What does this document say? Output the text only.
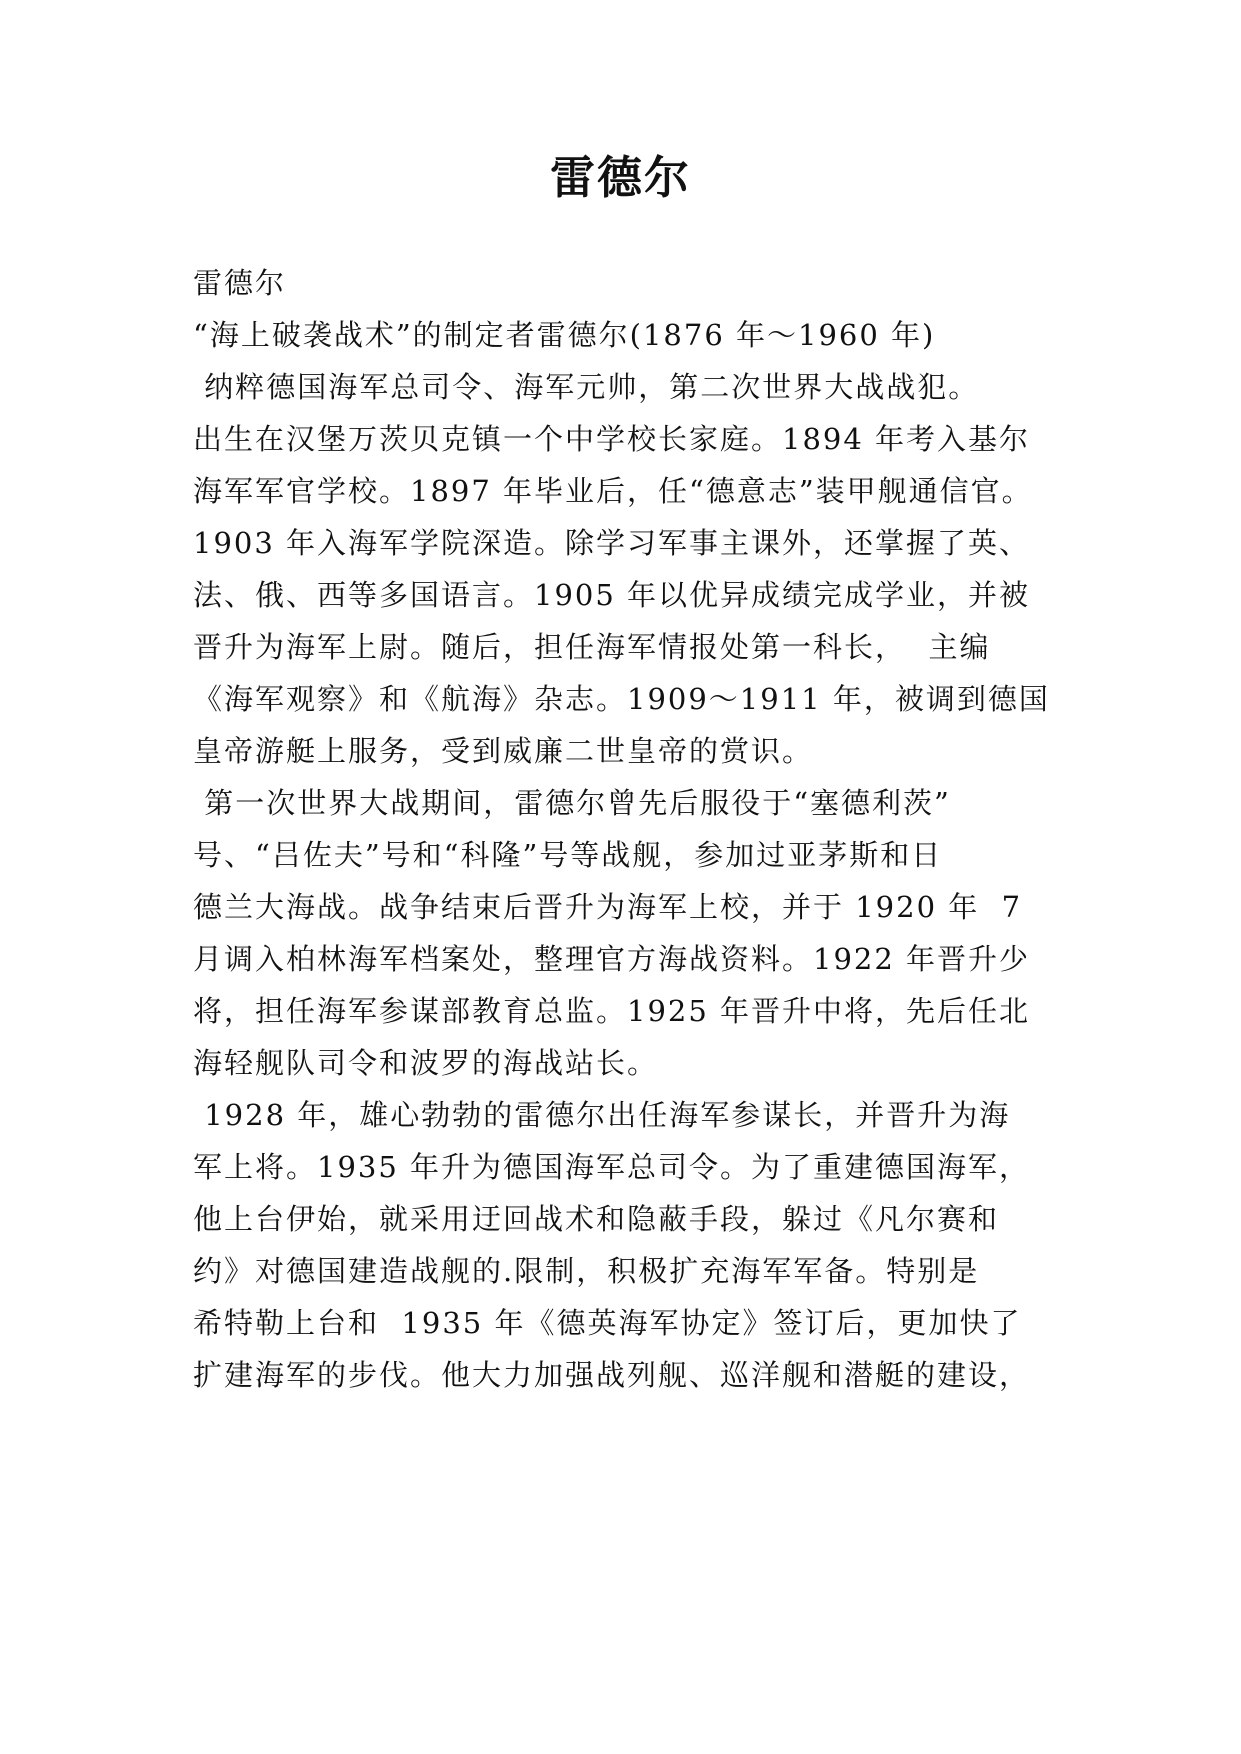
雷德尔

雷德尔

“海上破袭战术”的制定者雷德尔(1876 年～1960 年)

纳粹德国海军总司令、海军元帅，第二次世界大战战犯。

出生在汉堡万茨贝克镇一个中学校长家庭。1894 年考入基尔

海军军官学校。1897 年毕业后，任“德意志”装甲舰通信官。

1903 年入海军学院深造。除学习军事主课外，还掌握了英、

法、俄、西等多国语言。1905 年以优异成绩完成学业，并被

晋升为海军上尉。随后，担任海军情报处第一科长，  主编

《海军观察》和《航海》杂志。1909～1911 年，被调到德国

皇帝游艇上服务，受到威廉二世皇帝的赏识。

第一次世界大战期间，雷德尔曾先后服役于“塞德利茨”

号、“吕佐夫”号和“科隆”号等战舰，参加过亚茅斯和日

德兰大海战。战争结束后晋升为海军上校，并于 1920 年  7

月调入柏林海军档案处，整理官方海战资料。1922 年晋升少

将，担任海军参谋部教育总监。1925 年晋升中将，先后任北

海轻舰队司令和波罗的海战站长。

1928 年，雄心勃勃的雷德尔出任海军参谋长，并晋升为海

军上将。1935 年升为德国海军总司令。为了重建德国海军，

他上台伊始，就采用迂回战术和隐蔽手段，躲过《凡尔赛和

约》对德国建造战舰的.限制，积极扩充海军军备。特别是

希特勒上台和  1935 年《德英海军协定》签订后，更加快了

扩建海军的步伐。他大力加强战列舰、巡洋舰和潜艇的建设，
